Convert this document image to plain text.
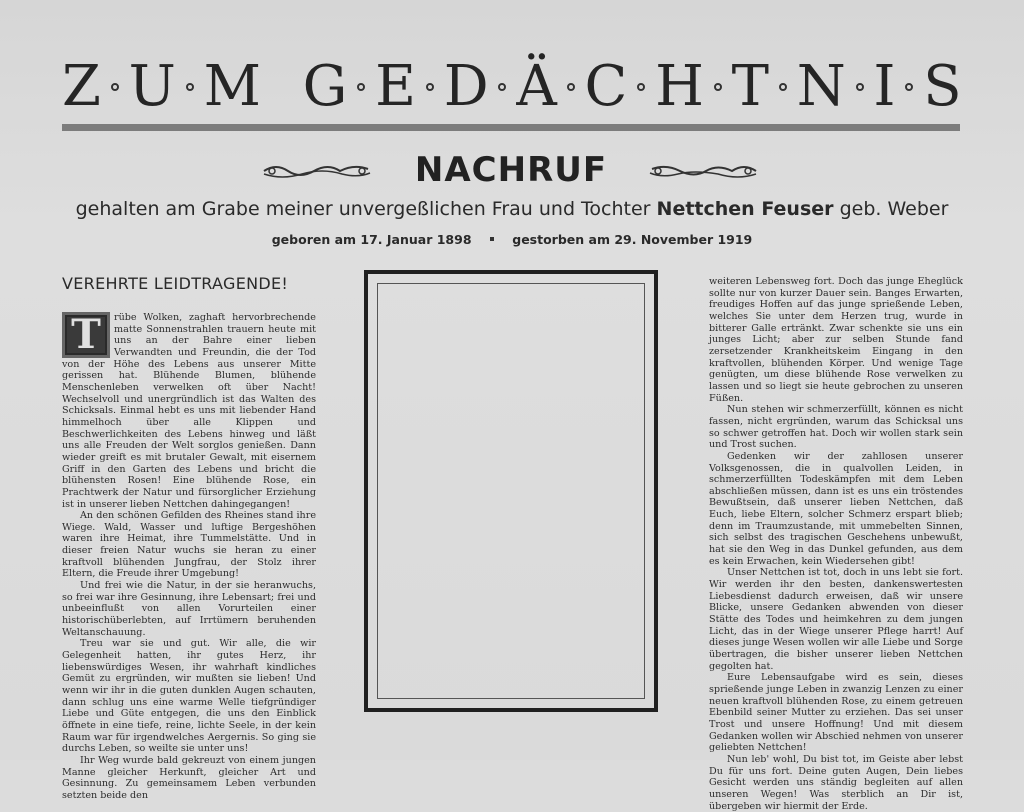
Z U M G E D Ä C H T N I S
NACHRUF
gehalten am Grabe meiner unvergeßlichen Frau und Tochter Nettchen Feuser geb. Weber
geboren am 17. Januar 1898	gestorben am 29. November 1919
VEREHRTE LEIDTRAGENDE!

T	rübe Wolken, zaghaft hervorbrechende matte Sonnenstrahlen trauern heute mit uns an der Bahre einer lieben Verwandten und Freundin, die der Tod von der Höhe des Lebens aus unserer Mitte gerissen hat. Blühende Blumen, blühende Menschenleben verwelken oft über Nacht! Wechselvoll und unergründlich ist das Walten des Schicksals. Einmal hebt es uns mit liebender Hand himmelhoch über alle Klippen und Beschwerlichkeiten des Lebens hinweg und läßt uns alle Freuden der Welt sorglos genießen. Dann wieder greift es mit brutaler Gewalt, mit eisernem Griff in den Garten des Lebens und bricht die blühensten Rosen! Eine blühende Rose, ein Prachtwerk der Natur und fürsorglicher Erziehung ist in unserer lieben Nettchen dahingegangen!

An den schönen Gefilden des Rheines stand ihre Wiege. Wald, Wasser und luftige Bergeshöhen waren ihre Heimat, ihre Tummelstätte. Und in dieser freien Natur wuchs sie heran zu einer kraftvoll blühenden Jungfrau, der Stolz ihrer Eltern, die Freude ihrer Umgebung!

Und frei wie die Natur, in der sie heranwuchs, so frei war ihre Gesinnung, ihre Lebensart; frei und unbeeinflußt von allen Vorurteilen einer historischüberlebten, auf Irrtümern beruhenden Weltanschauung.

Treu war sie und gut. Wir alle, die wir Gelegenheit hatten, ihr gutes Herz, ihr liebenswürdiges Wesen, ihr wahrhaft kindliches Gemüt zu ergründen, wir mußten sie lieben! Und wenn wir ihr in die guten dunklen Augen schauten, dann schlug uns eine warme Welle tiefgründiger Liebe und Güte entgegen, die uns den Einblick öffnete in eine tiefe, reine, lichte Seele, in der kein Raum war für irgendwelches Aergernis. So ging sie durchs Leben, so weilte sie unter uns!

Ihr Weg wurde bald gekreuzt von einem jungen Manne gleicher Herkunft, gleicher Art und Gesinnung. Zu gemeinsamem Leben verbunden setzten beide den

weiteren Lebensweg fort. Doch das junge Eheglück sollte nur von kurzer Dauer sein. Banges Erwarten, freudiges Hoffen auf das junge sprießende Leben, welches Sie unter dem Herzen trug, wurde in bitterer Galle ertränkt. Zwar schenkte sie uns ein junges Licht; aber zur selben Stunde fand zersetzender Krankheitskeim Eingang in den kraftvollen, blühenden Körper. Und wenige Tage genügten, um diese blühende Rose verwelken zu lassen und so liegt sie heute gebrochen zu unseren Füßen.

Nun stehen wir schmerzerfüllt, können es nicht fassen, nicht ergründen, warum das Schicksal uns so schwer getroffen hat. Doch wir wollen stark sein und Trost suchen.

Gedenken wir der zahllosen unserer Volksgenossen, die in qualvollen Leiden, in schmerzerfüllten Todeskämpfen mit dem Leben abschließen müssen, dann ist es uns ein tröstendes Bewußtsein, daß unserer lieben Nettchen, daß Euch, liebe Eltern, solcher Schmerz erspart blieb; denn im Traumzustande, mit ummebelten Sinnen, sich selbst des tragischen Geschehens unbewußt, hat sie den Weg in das Dunkel gefunden, aus dem es kein Erwachen, kein Wiedersehen gibt!

Unser Nettchen ist tot, doch in uns lebt sie fort. Wir werden ihr den besten, dankenswertesten Liebesdienst dadurch erweisen, daß wir unsere Blicke, unsere Gedanken abwenden von dieser Stätte des Todes und heimkehren zu dem jungen Licht, das in der Wiege unserer Pflege harrt! Auf dieses junge Wesen wollen wir alle Liebe und Sorge übertragen, die bisher unserer lieben Nettchen gegolten hat.

Eure Lebensaufgabe wird es sein, dieses sprießende junge Leben in zwanzig Lenzen zu einer neuen kraftvoll blühenden Rose, zu einem getreuen Ebenbild seiner Mutter zu erziehen. Das sei unser Trost und unsere Hoffnung! Und mit diesem Gedanken wollen wir Abschied nehmen von unserer geliebten Nettchen!

Nun leb' wohl, Du bist tot, im Geiste aber lebst Du für uns fort. Deine guten Augen, Dein liebes Gesicht werden uns ständig begleiten auf allen unseren Wegen! Was sterblich an Dir ist, übergeben wir hiermit der Erde.
